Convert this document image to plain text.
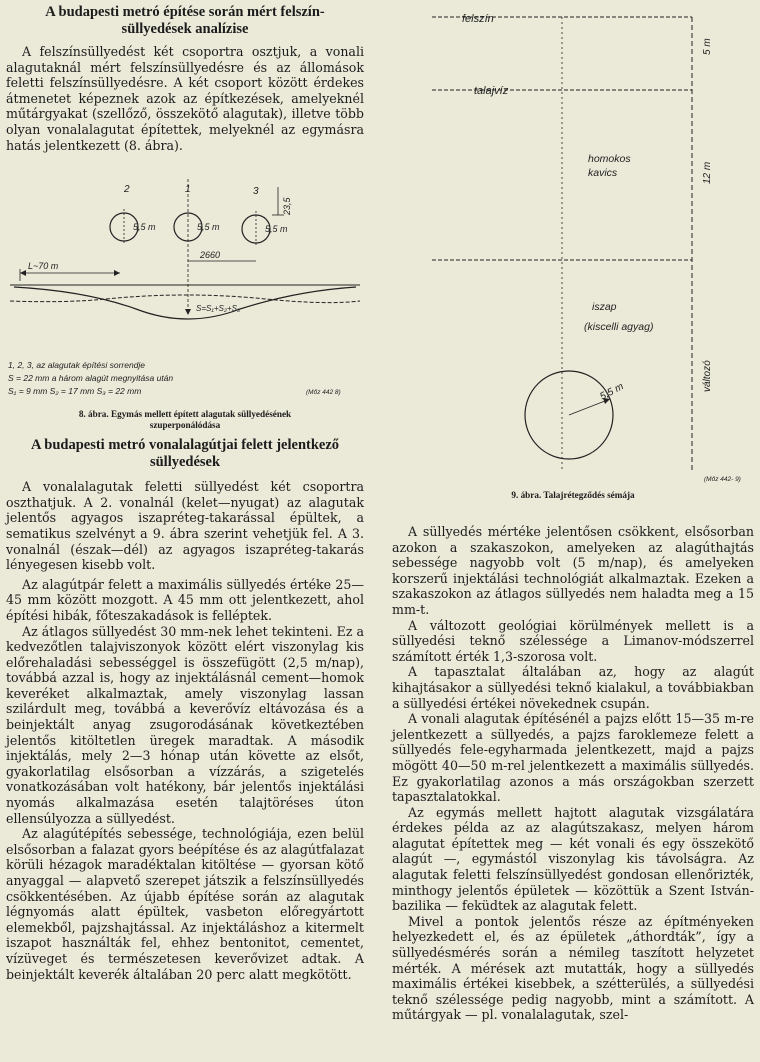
A budapesti metró építése során mért felszín-
süllyedések analízise

A felszínsüllyedést két csoportra osztjuk, a vonali alagutaknál mért felszínsüllyedésre és az állomások feletti felszínsüllyedésre. A két csoport között érdekes átmenetet képeznek azok az építkezések, amelyeknél műtárgyakat (szellőző, összekötő alagutak), illetve több olyan vonalalagutat építettek, melyeknél az egymásra hatás jelentkezett (8. ábra).

2	1	3
5,5 m	5,5 m	5,5 m
23,5
2660
L~70 m
S=S₁+S₂+S₃
1, 2, 3, az alagutak építési sorrendje
S = 22 mm a három alagút megnyitása után
S₁ = 9 mm S₂ = 17 mm S₃ = 22 mm	(Mőz 442 8)

8. ábra. Egymás mellett épített alagutak süllyedésének
szuperponálódása

A budapesti metró vonalalagútjai felett jelentkező
süllyedések

A vonalalagutak feletti süllyedést két csoportra oszthatjuk. A 2. vonalnál (kelet—nyugat) az alagutak jelentős agyagos iszapréteg-takarással épültek, a sematikus szelvényt a 9. ábra szerint vehetjük fel. A 3. vonalnál (észak—dél) az agyagos iszapréteg-takarás lényegesen kisebb volt.

Az alagútpár felett a maximális süllyedés értéke 25—45 mm között mozgott. A 45 mm ott jelentkezett, ahol építési hibák, főteszakadások is felléptek.

Az átlagos süllyedést 30 mm-nek lehet tekinteni. Ez a kedvezőtlen talajviszonyok között elért viszonylag kis előrehaladási sebességgel is összefügött (2,5 m/nap), továbbá azzal is, hogy az injektálásnál cement—homok keveréket alkalmaztak, amely viszonylag lassan szilárdult meg, továbbá a keverővíz eltávozása és a beinjektált anyag zsugorodásának következtében jelentős kitöltetlen üregek maradtak. A második injektálás, mely 2—3 hónap után követte az elsőt, gyakorlatilag elsősorban a vízzárás, a szigetelés vonatkozásában volt hatékony, bár jelentős injektálási nyomás alkalmazása esetén talajtöréses úton ellensúlyozza a süllyedést.

Az alagútépítés sebessége, technológiája, ezen belül elsősorban a falazat gyors beépítése és az alagútfalazat körüli hézagok maradéktalan kitöltése — gyorsan kötő anyaggal — alapvető szerepet játszik a felszínsüllyedés csökkentésében. Az újabb építése során az alagutak légnyomás alatt épültek, vasbeton előregyártott elemekből, pajzshajtással. Az injektáláshoz a kitermelt iszapot használták fel, ehhez bentonitot, cementet, vízüveget és természetesen keverővizet adtak. A beinjektált keverék általában 20 perc alatt megkötött.

felszín
talajvíz
5 m
homokos
kavics	12 m
iszap
(kiscelli agyag)
változó
5,5 m
(Mőz 442- 9)

9. ábra. Talajrétegződés sémája

A süllyedés mértéke jelentősen csökkent, elsősorban azokon a szakaszokon, amelyeken az alagúthajtás sebessége nagyobb volt (5 m/nap), és amelyeken korszerű injektálási technológiát alkalmaztak. Ezeken a szakaszokon az átlagos süllyedés nem haladta meg a 15 mm-t.

A változott geológiai körülmények mellett is a süllyedési teknő szélessége a Limanov-módszerrel számított érték 1,3-szorosa volt.

A tapasztalat általában az, hogy az alagút kihajtásakor a süllyedési teknő kialakul, a továbbiakban a süllyedési értékei növekednek csupán.

A vonali alagutak építésénél a pajzs előtt 15—35 m-re jelentkezett a süllyedés, a pajzs faroklemeze felett a süllyedés fele-egyharmada jelentkezett, majd a pajzs mögött 40—50 m-rel jelentkezett a maximális süllyedés. Ez gyakorlatilag azonos a más országokban szerzett tapasztalatokkal.

Az egymás mellett hajtott alagutak vizsgálatára érdekes példa az az alagútszakasz, melyen három alagutat építettek meg — két vonali és egy összekötő alagút —, egymástól viszonylag kis távolságra. Az alagutak feletti felszínsüllyedést gondosan ellenőrizték, minthogy jelentős épületek — közöttük a Szent István-bazilika — feküdtek az alagutak felett.

Mivel a pontok jelentős része az építményeken helyezkedett el, és az épületek „áthordták”, így a süllyedésmérés során a némileg taszított helyzetet mérték. A mérések azt mutatták, hogy a süllyedés maximális értékei kisebbek, a szétterülés, a süllyedési teknő szélessége pedig nagyobb, mint a számított. A műtárgyak — pl. vonalalagutak, szel-
